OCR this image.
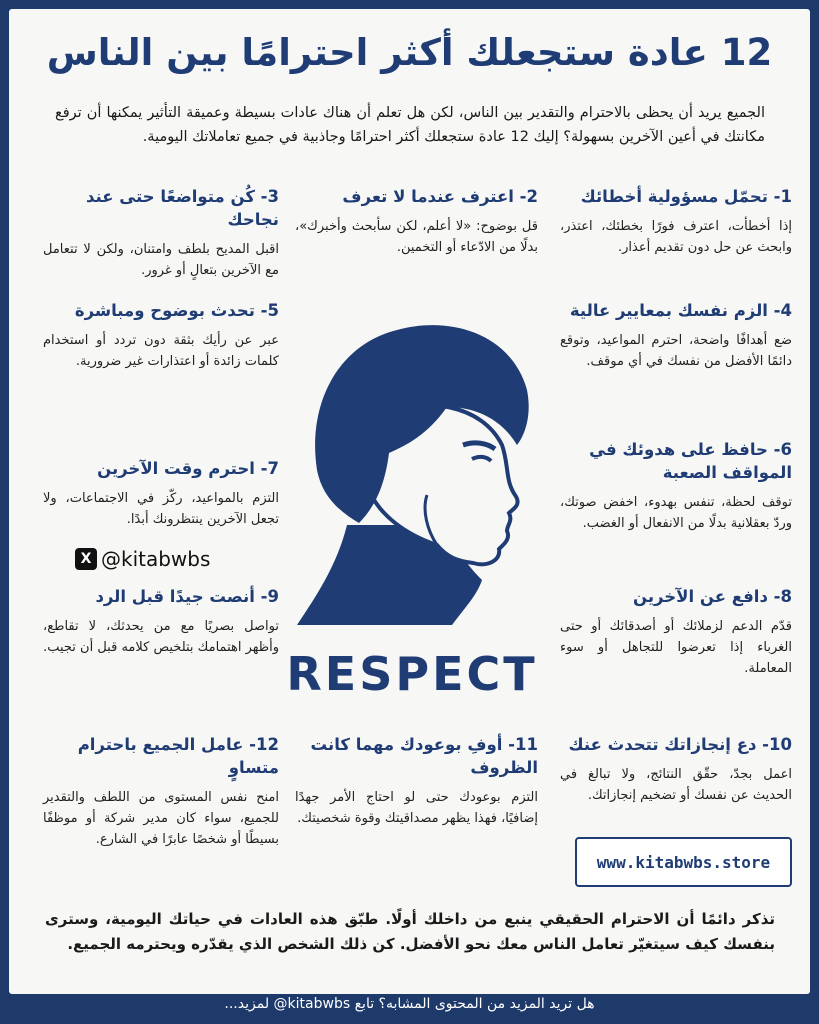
12 عادة ستجعلك أكثر احترامًا بين الناس

الجميع يريد أن يحظى بالاحترام والتقدير بين الناس، لكن هل تعلم أن هناك عادات بسيطة وعميقة التأثير يمكنها أن ترفع مكانتك في أعين الآخرين بسهولة؟ إليك 12 عادة ستجعلك أكثر احترامًا وجاذبية في جميع تعاملاتك اليومية.

1- تحمّل مسؤولية أخطائك

إذا أخطأت، اعترف فورًا بخطئك، اعتذر، وابحث عن حل دون تقديم أعذار.

2- اعترف عندما لا تعرف

قل بوضوح: «لا أعلم، لكن سأبحث وأخبرك»، بدلًا من الادّعاء أو التخمين.

3- كُن متواضعًا حتى عند نجاحك

اقبل المديح بلطف وامتنان، ولكن لا تتعامل مع الآخرين بتعالٍ أو غرور.

4- الزم نفسك بمعايير عالية

ضع أهدافًا واضحة، احترم المواعيد، وتوقع دائمًا الأفضل من نفسك في أي موقف.

5- تحدث بوضوح ومباشرة

عبر عن رأيك بثقة دون تردد أو استخدام كلمات زائدة أو اعتذارات غير ضرورية.

6- حافظ على هدوئك في المواقف الصعبة

توقف لحظة، تنفس بهدوء، اخفض صوتك، وردّ بعقلانية بدلًا من الانفعال أو الغضب.

7- احترم وقت الآخرين

التزم بالمواعيد، ركّز في الاجتماعات، ولا تجعل الآخرين ينتظرونك أبدًا.

8- دافع عن الآخرين

قدّم الدعم لزملائك أو أصدقائك أو حتى الغرباء إذا تعرضوا للتجاهل أو سوء المعاملة.

9- أنصت جيدًا قبل الرد

تواصل بصريًا مع من يحدثك، لا تقاطع، وأظهر اهتمامك بتلخيص كلامه قبل أن تجيب.

10- دع إنجازاتك تتحدث عنك

اعمل بجدّ، حقّق النتائج، ولا تبالغ في الحديث عن نفسك أو تضخيم إنجازاتك.

11- أوفِ بوعودك مهما كانت الظروف

التزم بوعودك حتى لو احتاج الأمر جهدًا إضافيًا، فهذا يظهر مصداقيتك وقوة شخصيتك.

12- عامل الجميع باحترام متساوٍ

امنح نفس المستوى من اللطف والتقدير للجميع، سواء كان مدير شركة أو موظفًا بسيطًا أو شخصًا عابرًا في الشارع.

RESPECT
X @kitabwbs
www.kitabwbs.store

تذكر دائمًا أن الاحترام الحقيقي ينبع من داخلك أولًا. طبّق هذه العادات في حياتك اليومية، وسترى بنفسك كيف سيتغيّر تعامل الناس معك نحو الأفضل. كن ذلك الشخص الذي يقدّره ويحترمه الجميع.

هل تريد المزيد من المحتوى المشابه؟ تابع kitabwbs@ لمزيد...
